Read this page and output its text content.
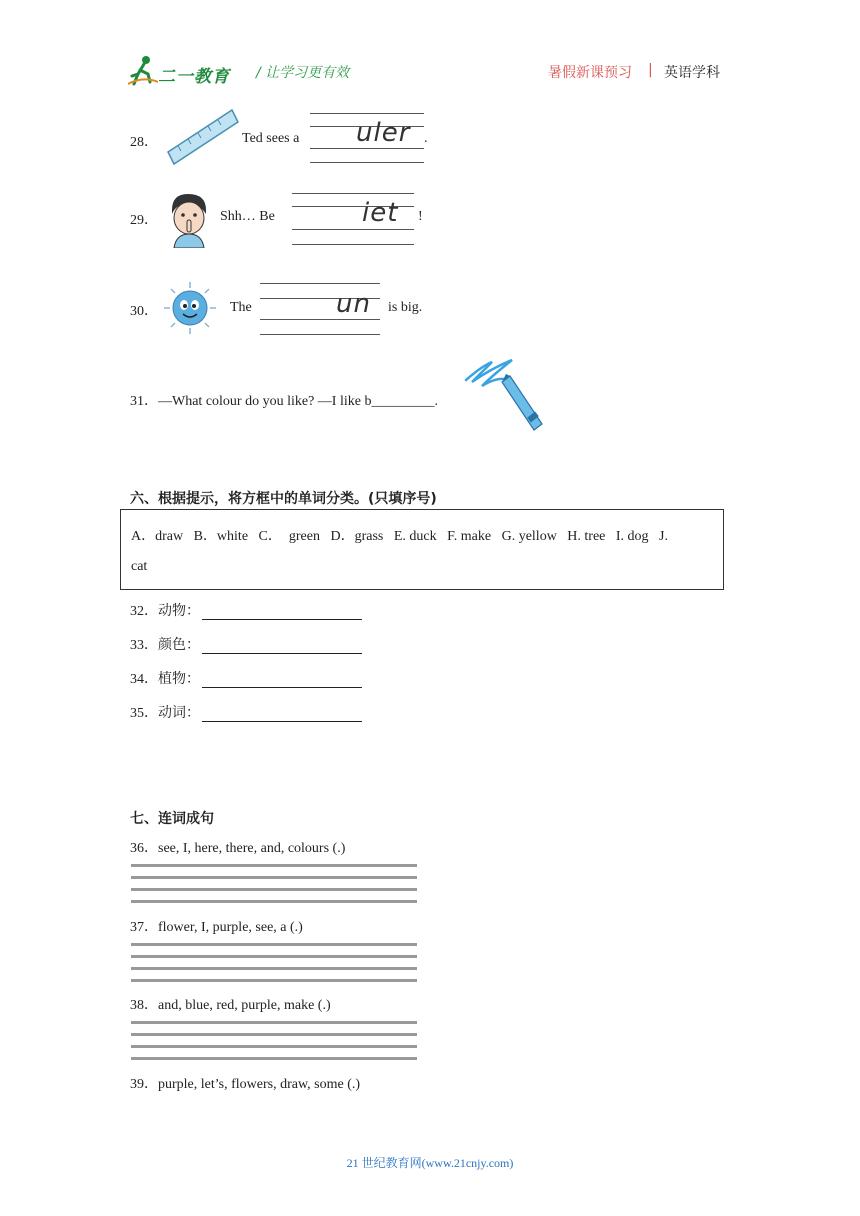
二一教育 / 让学习更有效	暑假新课预习 | 英语学科
28．	Ted sees a uler .
29．	Shh… Be	iet !
30．	The	un is big.
31．—What colour do you like? —I like b_________.
六、根据提示，将方框中的单词分类。(只填序号)
A．draw   B．white   C．  green   D．grass   E. duck   F. make   G. yellow   H. tree   I. dog   J.
cat
32．动物：
33．颜色：
34．植物：
35．动词：
七、连词成句
36．see, I, here, there, and, colours (.)
37．flower, I, purple, see, a (.)
38．and, blue, red, purple, make (.)
39．purple, let’s, flowers, draw, some (.)
21 世纪教育网(www.21cnjy.com)
